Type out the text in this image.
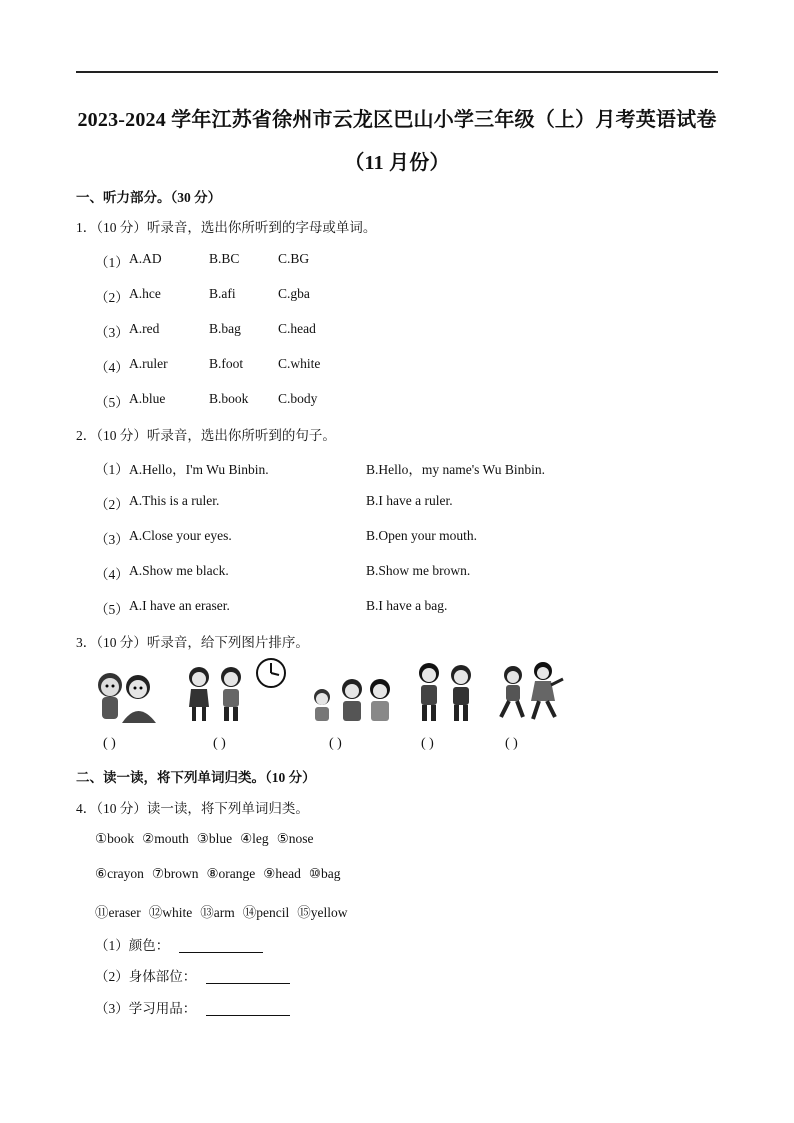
2023-2024 学年江苏省徐州市云龙区巴山小学三年级（上）月考英语试卷
（11 月份）
一、听力部分。（30 分）
1．（10 分）听录音，选出你所听到的字母或单词。
（1） A.AD	B.BC	C.BG
（2） A.hce	B.afi	C.gba
（3） A.red	B.bag	C.head
（4） A.ruler	B.foot	C.white
（5） A.blue	B.book C.body
2．（10 分）听录音，选出你所听到的句子。
（1） A.Hello，I'm Wu Binbin.	B.Hello，my name's Wu Binbin.
（2） A.This is a ruler.	B.I have a ruler.
（3） A.Close your eyes.	B.Open your mouth.
（4） A.Show me black.	B.Show me brown.
（5） A.I have an eraser.	B.I have a bag.
3．（10 分）听录音，给下列图片排序。
( )	( )	( )	( )	( )
二、读一读，将下列单词归类。（10 分）
4．（10 分）读一读，将下列单词归类。
①book ②mouth ③blue ④leg ⑤nose
⑥crayon ⑦brown ⑧orange ⑨head ⑩bag
⑪eraser ⑫white ⑬arm ⑭pencil ⑮yellow
（1）颜色：
（2）身体部位：
（3）学习用品：
